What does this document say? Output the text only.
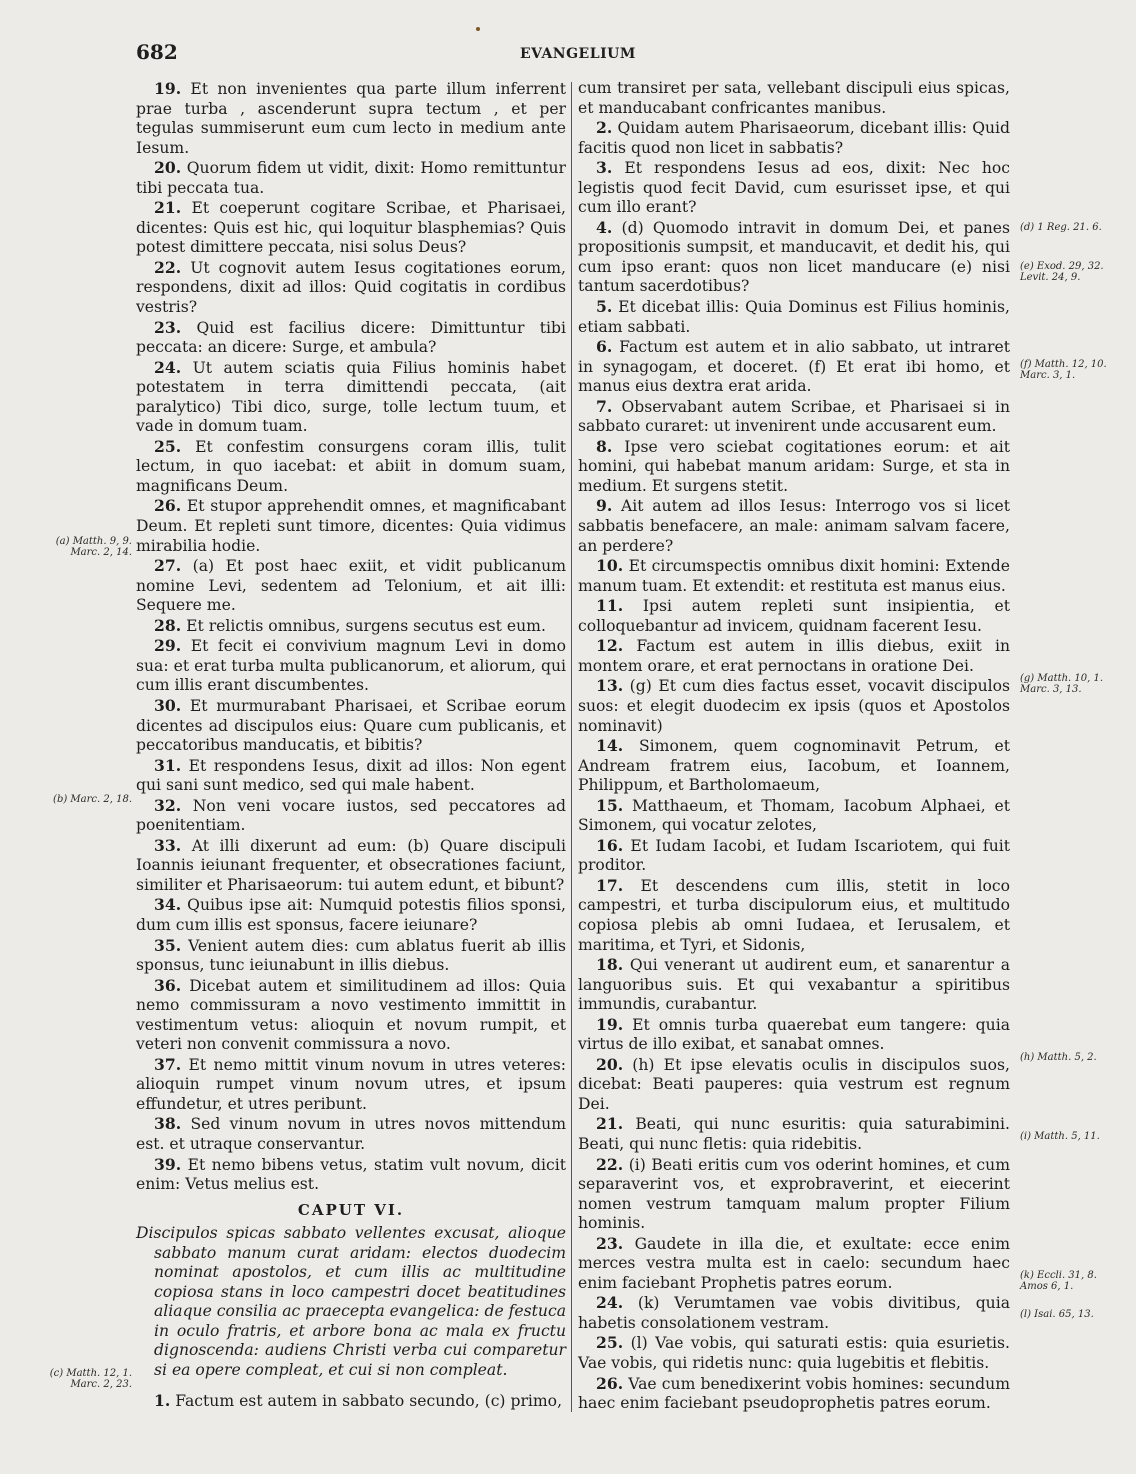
682	EVANGELIUM

19. Et non invenientes qua parte illum inferrent prae turba , ascenderunt supra tectum , et per tegulas summiserunt eum cum lecto in medium ante Iesum.

20. Quorum fidem ut vidit, dixit: Homo remittuntur tibi peccata tua.

21. Et coeperunt cogitare Scribae, et Pharisaei, dicentes: Quis est hic, qui loquitur blasphemias? Quis potest dimittere peccata, nisi solus Deus?

22. Ut cognovit autem Iesus cogitationes eorum, respondens, dixit ad illos: Quid cogitatis in cordibus vestris?

23. Quid est facilius dicere: Dimittuntur tibi peccata: an dicere: Surge, et ambula?

24. Ut autem sciatis quia Filius hominis habet potestatem in terra dimittendi peccata, (ait paralytico) Tibi dico, surge, tolle lectum tuum, et vade in domum tuam.

25. Et confestim consurgens coram illis, tulit lectum, in quo iacebat: et abiit in domum suam, magnificans Deum.

26. Et stupor apprehendit omnes, et magnificabant Deum. Et repleti sunt timore, dicentes: Quia vidimus mirabilia hodie.

27. (a) Et post haec exiit, et vidit publicanum nomine Levi, sedentem ad Telonium, et ait illi: Sequere me.

28. Et relictis omnibus, surgens secutus est eum.

29. Et fecit ei convivium magnum Levi in domo sua: et erat turba multa publicanorum, et aliorum, qui cum illis erant discumbentes.

30. Et murmurabant Pharisaei, et Scribae eorum dicentes ad discipulos eius: Quare cum publicanis, et peccatoribus manducatis, et bibitis?

31. Et respondens Iesus, dixit ad illos: Non egent qui sani sunt medico, sed qui male habent.

32. Non veni vocare iustos, sed peccatores ad poenitentiam.

33. At illi dixerunt ad eum: (b) Quare discipuli Ioannis ieiunant frequenter, et obsecrationes faciunt, similiter et Pharisaeorum: tui autem edunt, et bibunt?

34. Quibus ipse ait: Numquid potestis filios sponsi, dum cum illis est sponsus, facere ieiunare?

35. Venient autem dies: cum ablatus fuerit ab illis sponsus, tunc ieiunabunt in illis diebus.

36. Dicebat autem et similitudinem ad illos: Quia nemo commissuram a novo vestimento immittit in vestimentum vetus: alioquin et novum rumpit, et veteri non convenit commissura a novo.

37. Et nemo mittit vinum novum in utres veteres: alioquin rumpet vinum novum utres, et ipsum effundetur, et utres peribunt.

38. Sed vinum novum in utres novos mittendum est. et utraque conservantur.

39. Et nemo bibens vetus, statim vult novum, dicit enim: Vetus melius est.

CAPUT VI.

Discipulos spicas sabbato vellentes excusat, alioque sabbato manum curat aridam: electos duodecim nominat apostolos, et cum illis ac multitudine copiosa stans in loco campestri docet beatitudines aliaque consilia ac praecepta evangelica: de festuca in oculo fratris, et arbore bona ac mala ex fructu dignoscenda: audiens Christi verba cui comparetur si ea opere compleat, et cui si non compleat.

1. Factum est autem in sabbato secundo, (c) primo,

cum transiret per sata, vellebant discipuli eius spicas, et manducabant confricantes manibus.

2. Quidam autem Pharisaeorum, dicebant illis: Quid facitis quod non licet in sabbatis?

3. Et respondens Iesus ad eos, dixit: Nec hoc legistis quod fecit David, cum esurisset ipse, et qui cum illo erant?

4. (d) Quomodo intravit in domum Dei, et panes propositionis sumpsit, et manducavit, et dedit his, qui cum ipso erant: quos non licet manducare (e) nisi tantum sacerdotibus?

5. Et dicebat illis: Quia Dominus est Filius hominis, etiam sabbati.

6. Factum est autem et in alio sabbato, ut intraret in synagogam, et doceret. (f) Et erat ibi homo, et manus eius dextra erat arida.

7. Observabant autem Scribae, et Pharisaei si in sabbato curaret: ut invenirent unde accusarent eum.

8. Ipse vero sciebat cogitationes eorum: et ait homini, qui habebat manum aridam: Surge, et sta in medium. Et surgens stetit.

9. Ait autem ad illos Iesus: Interrogo vos si licet sabbatis benefacere, an male: animam salvam facere, an perdere?

10. Et circumspectis omnibus dixit homini: Extende manum tuam. Et extendit: et restituta est manus eius.

11. Ipsi autem repleti sunt insipientia, et colloquebantur ad invicem, quidnam facerent Iesu.

12. Factum est autem in illis diebus, exiit in montem orare, et erat pernoctans in oratione Dei.

13. (g) Et cum dies factus esset, vocavit discipulos suos: et elegit duodecim ex ipsis (quos et Apostolos nominavit)

14. Simonem, quem cognominavit Petrum, et Andream fratrem eius, Iacobum, et Ioannem, Philippum, et Bartholomaeum,

15. Matthaeum, et Thomam, Iacobum Alphaei, et Simonem, qui vocatur zelotes,

16. Et Iudam Iacobi, et Iudam Iscariotem, qui fuit proditor.

17. Et descendens cum illis, stetit in loco campestri, et turba discipulorum eius, et multitudo copiosa plebis ab omni Iudaea, et Ierusalem, et maritima, et Tyri, et Sidonis,

18. Qui venerant ut audirent eum, et sanarentur a languoribus suis. Et qui vexabantur a spiritibus immundis, curabantur.

19. Et omnis turba quaerebat eum tangere: quia virtus de illo exibat, et sanabat omnes.

20. (h) Et ipse elevatis oculis in discipulos suos, dicebat: Beati pauperes: quia vestrum est regnum Dei.

21. Beati, qui nunc esuritis: quia saturabimini. Beati, qui nunc fletis: quia ridebitis.

22. (i) Beati eritis cum vos oderint homines, et cum separaverint vos, et exprobraverint, et eiecerint nomen vestrum tamquam malum propter Filium hominis.

23. Gaudete in illa die, et exultate: ecce enim merces vestra multa est in caelo: secundum haec enim faciebant Prophetis patres eorum.

24. (k) Verumtamen vae vobis divitibus, quia habetis consolationem vestram.

25. (l) Vae vobis, qui saturati estis: quia esurietis. Vae vobis, qui ridetis nunc: quia lugebitis et flebitis.

26. Vae cum benedixerint vobis homines: secundum haec enim faciebant pseudoprophetis patres eorum.

(a) Matth. 9, 9. Marc. 2, 14.
(b) Marc. 2, 18.
(c) Matth. 12, 1. Marc. 2, 23.
(d) 1 Reg. 21. 6.
(e) Exod. 29, 32. Levit. 24, 9.
(f) Matth. 12, 10. Marc. 3, 1.
(g) Matth. 10, 1. Marc. 3, 13.
(h) Matth. 5, 2.
(i) Matth. 5, 11.
(k) Eccli. 31, 8. Amos 6, 1.
(l) Isai. 65, 13.
